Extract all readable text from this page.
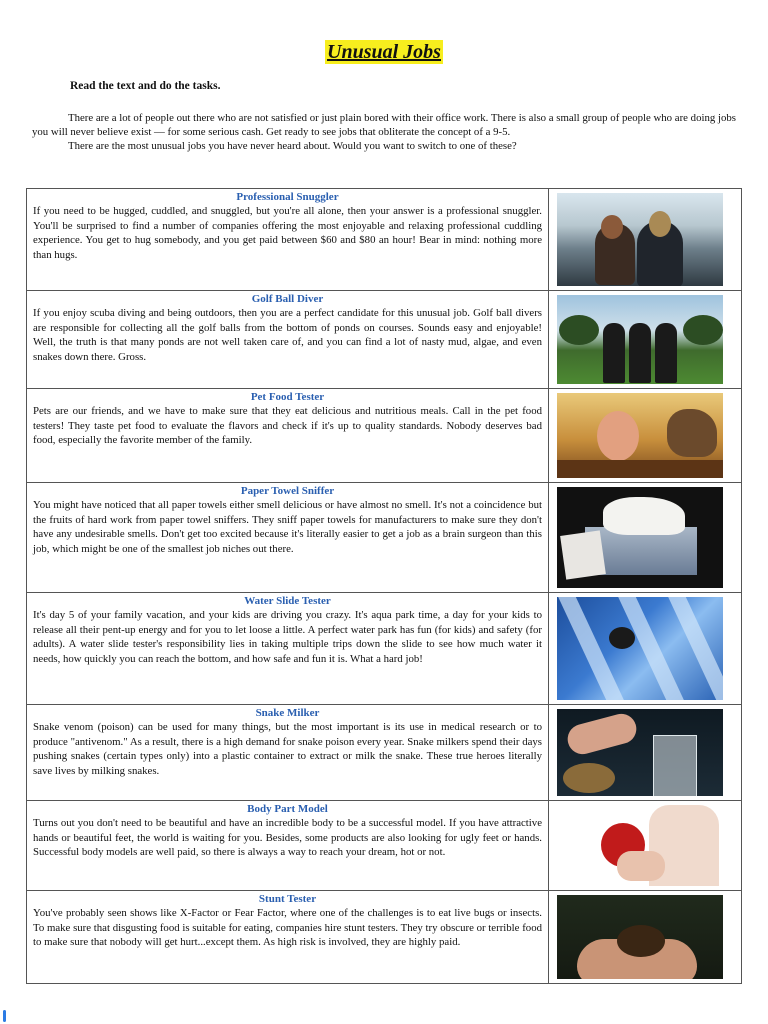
Unusual Jobs
Read the text and do the tasks.

There are a lot of people out there who are not satisfied or just plain bored with their office work. There is also a small group of people who are doing jobs you will never believe exist — for some serious cash. Get ready to see jobs that obliterate the concept of a 9-5.

There are the most unusual jobs you have never heard about. Would you want to switch to one of these?

Professional Snuggler

If you need to be hugged, cuddled, and snuggled, but you're all alone, then your answer is a professional snuggler. You'll be surprised to find a number of companies offering the most enjoyable and relaxing professional cuddling experience. You get to hug somebody, and you get paid between $60 and $80 an hour! Bear in mind: nothing more than hugs.

Golf Ball Diver

If you enjoy scuba diving and being outdoors, then you are a perfect candidate for this unusual job. Golf ball divers are responsible for collecting all the golf balls from the bottom of ponds on courses. Sounds easy and enjoyable! Well, the truth is that many ponds are not well taken care of, and you can find a lot of nasty mud, algae, and even snakes down there. Gross.

Pet Food Tester

Pets are our friends, and we have to make sure that they eat delicious and nutritious meals. Call in the pet food testers! They taste pet food to evaluate the flavors and check if it's up to quality standards. Nobody deserves bad food, especially the favorite member of the family.

Paper Towel Sniffer

You might have noticed that all paper towels either smell delicious or have almost no smell. It's not a coincidence but the fruits of hard work from paper towel sniffers. They sniff paper towels for manufacturers to make sure they don't have any undesirable smells. Don't get too excited because it's literally easier to get a job as a brain surgeon than this job, which might be one of the smallest job niches out there.

Water Slide Tester

It's day 5 of your family vacation, and your kids are driving you crazy. It's aqua park time, a day for your kids to release all their pent-up energy and for you to let loose a little. A perfect water park has fun (for kids) and safety (for adults). A water slide tester's responsibility lies in taking multiple trips down the slide to see how much water it needs, how quickly you can reach the bottom, and how safe and fun it is. What a hard job!

Snake Milker

Snake venom (poison) can be used for many things, but the most important is its use in medical research or to produce "antivenom." As a result, there is a high demand for snake poison every year. Snake milkers spend their days pushing snakes (certain types only) into a plastic container to extract or milk the snake. These true heroes literally save lives by milking snakes.

Body Part Model

Turns out you don't need to be beautiful and have an incredible body to be a successful model. If you have attractive hands or beautiful feet, the world is waiting for you. Besides, some products are also looking for ugly feet or hands. Successful body models are well paid, so there is always a way to reach your dream, hot or not.

Stunt Tester

You've probably seen shows like X-Factor or Fear Factor, where one of the challenges is to eat live bugs or insects. To make sure that disgusting food is suitable for eating, companies hire stunt testers. They try obscure or terrible food to make sure that nobody will get hurt...except them. As high risk is involved, they are highly paid.
